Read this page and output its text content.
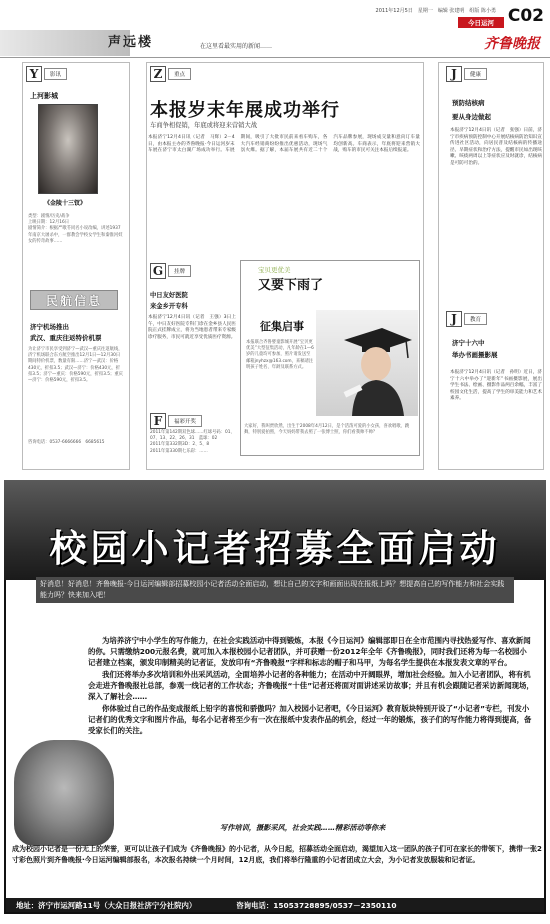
2011年12月5日　星期一　编辑 张建明　组版 陈小勇
今日运河 C02
声远楼	在这里看最实用的新闻……	齐鲁晚报
Y	影讯
上河影城
《金陵十三钗》
类型：剧情/历史/战争
上映日期：12月16日
剧情简介：根据严歌苓同名小说改编，讲述1937年南京大屠杀中，一群教会学校女学生和秦淮河妓女的传奇故事……
民航信息
济宁机场推出
武汉、重庆往返特价机票
为让济宁市民享受到济宁—武汉—重庆往返航线，济宁机场联合东方航空推出12月1日—12月30日期间特价机票，数量有限……济宁—武汉：价格430元，折扣3.5；武汉—济宁：价格430元，折扣3.5；济宁—重庆：价格590元，折扣3.5；重庆—济宁：价格590元，折扣3.5。
咨询电话：0537-6666666　6685615
Z	重点
本报岁末年展成功举行
车商争相促销，年底或将迎来营销大战
本报济宁12月4日讯（记者　马辉）2－4日，由本报主办的齐鲁晚报·今日运河岁末车展在济宁市太白湖广场成功举行。车展期间，吸引了大批市民前来看车购车，各大汽车经销商纷纷推出优惠活动，现场气氛火爆。据了解，本届车展共有近二十个汽车品牌参展，现场成交量和意向订车量均创新高。车商表示，年底将迎来营销大战，购车的市民可关注本报后续报道。
G	挂牌
中日友好医院
来金乡开专科
本报济宁12月4日讯（记者　王强）3日上午，中日友好医院专科门诊在金乡县人民医院正式挂牌成立，将为当地患者带来专家级诊疗服务，市民可就近享受优质医疗资源。
F	福彩开奖
2011年第142期双色球……红球号码：01、07、13、22、26、31　蓝球：02
2011年第332期3D：2、5、8
2011年第330期七乐彩：……
宝贝更优美
又要下雨了
征集启事
本报联合齐鲁婴童影城开展“宝贝更优美”大型征集活动，凡年龄在1—6岁的儿童均可参加，照片请发送至邮箱jnyhzx@163.com，来稿请注明孩子姓名、年龄及联系方式。
大家好，我叫贾欣然，出生于2008年4月12日，是个活泼可爱的小女孩，喜欢唱歌、跳舞，特别爱拍照，今天妈妈带我去照了一张博士照，你们看我帅不帅？
J	健康
预防结核病
要从身边做起
本报济宁12月4日讯（记者　张强）日前，济宁市疾病预防控制中心开展结核病防治知识宣传进社区活动，向居民普及结核病的传播途径、早期症状和治疗方法，提醒市民如出现咳嗽、咳痰两周以上等症状应及时就诊，结核病是可防可治的。
J	教育
济宁十六中
举办书画摄影展
本报济宁12月4日讯（记者　孙明）近日，济宁十六中举办了“迎新年”书画摄影展，展出学生书法、绘画、摄影作品两百余幅，丰富了校园文化生活，提高了学生的审美能力和艺术素养。
校园小记者招募全面启动
好消息！好消息！齐鲁晚报·今日运河编辑部招募校园小记者活动全面启动，想让自己的文字和画面出现在报纸上吗？想提高自己的写作能力和社会实践能力吗？快来加入吧！

为培养济宁中小学生的写作能力，在社会实践活动中得到锻炼，本报《今日运河》编辑部即日在全市范围内寻找热爱写作、喜欢新闻的你。只需缴纳200元报名费，就可加入本报校园小记者团队，并可获赠一份2012年全年《齐鲁晚报》，同时我们还将为每一名校园小记者建立档案，颁发印制精美的记者证，发放印有“齐鲁晚报”字样和标志的帽子和马甲，为每名学生提供在本报发表文章的平台。

我们还将举办多次培训和外出采风活动，全面培养小记者的各种能力；在活动中开阔眼界，增加社会经验。加入小记者团队，将有机会走进齐鲁晚报社总部，参观一线记者的工作状态；齐鲁晚报“十佳”记者还将面对面讲述采访故事；并且有机会跟随记者采访新闻现场，深入了解社会……

你体验过自己的作品变成报纸上铅字的喜悦和骄傲吗？加入校园小记者吧，《今日运河》教育版块特别开设了“小记者”专栏，刊发小记者们的优秀文字和图片作品，每名小记者将至少有一次在报纸中发表作品的机会，经过一年的锻炼，孩子们的写作能力将得到提高，备受家长们的关注。

写作培训，摄影采风，社会实践……精彩活动等你来
成为校园小记者是一份无上的荣誉，更可以让孩子们成为《齐鲁晚报》的小记者，从今日起，招募活动全面启动，渴望加入这一团队的孩子们可在家长的带领下，携带一张2寸彩色照片到齐鲁晚报·今日运河编辑部报名，本次报名持续一个月时间，12月底，我们将举行隆重的小记者团成立大会，为小记者发放服装和记者证。
地址：济宁市运河路11号（大众日报社济宁分社院内）	咨询电话：15053728895/0537－2350110
